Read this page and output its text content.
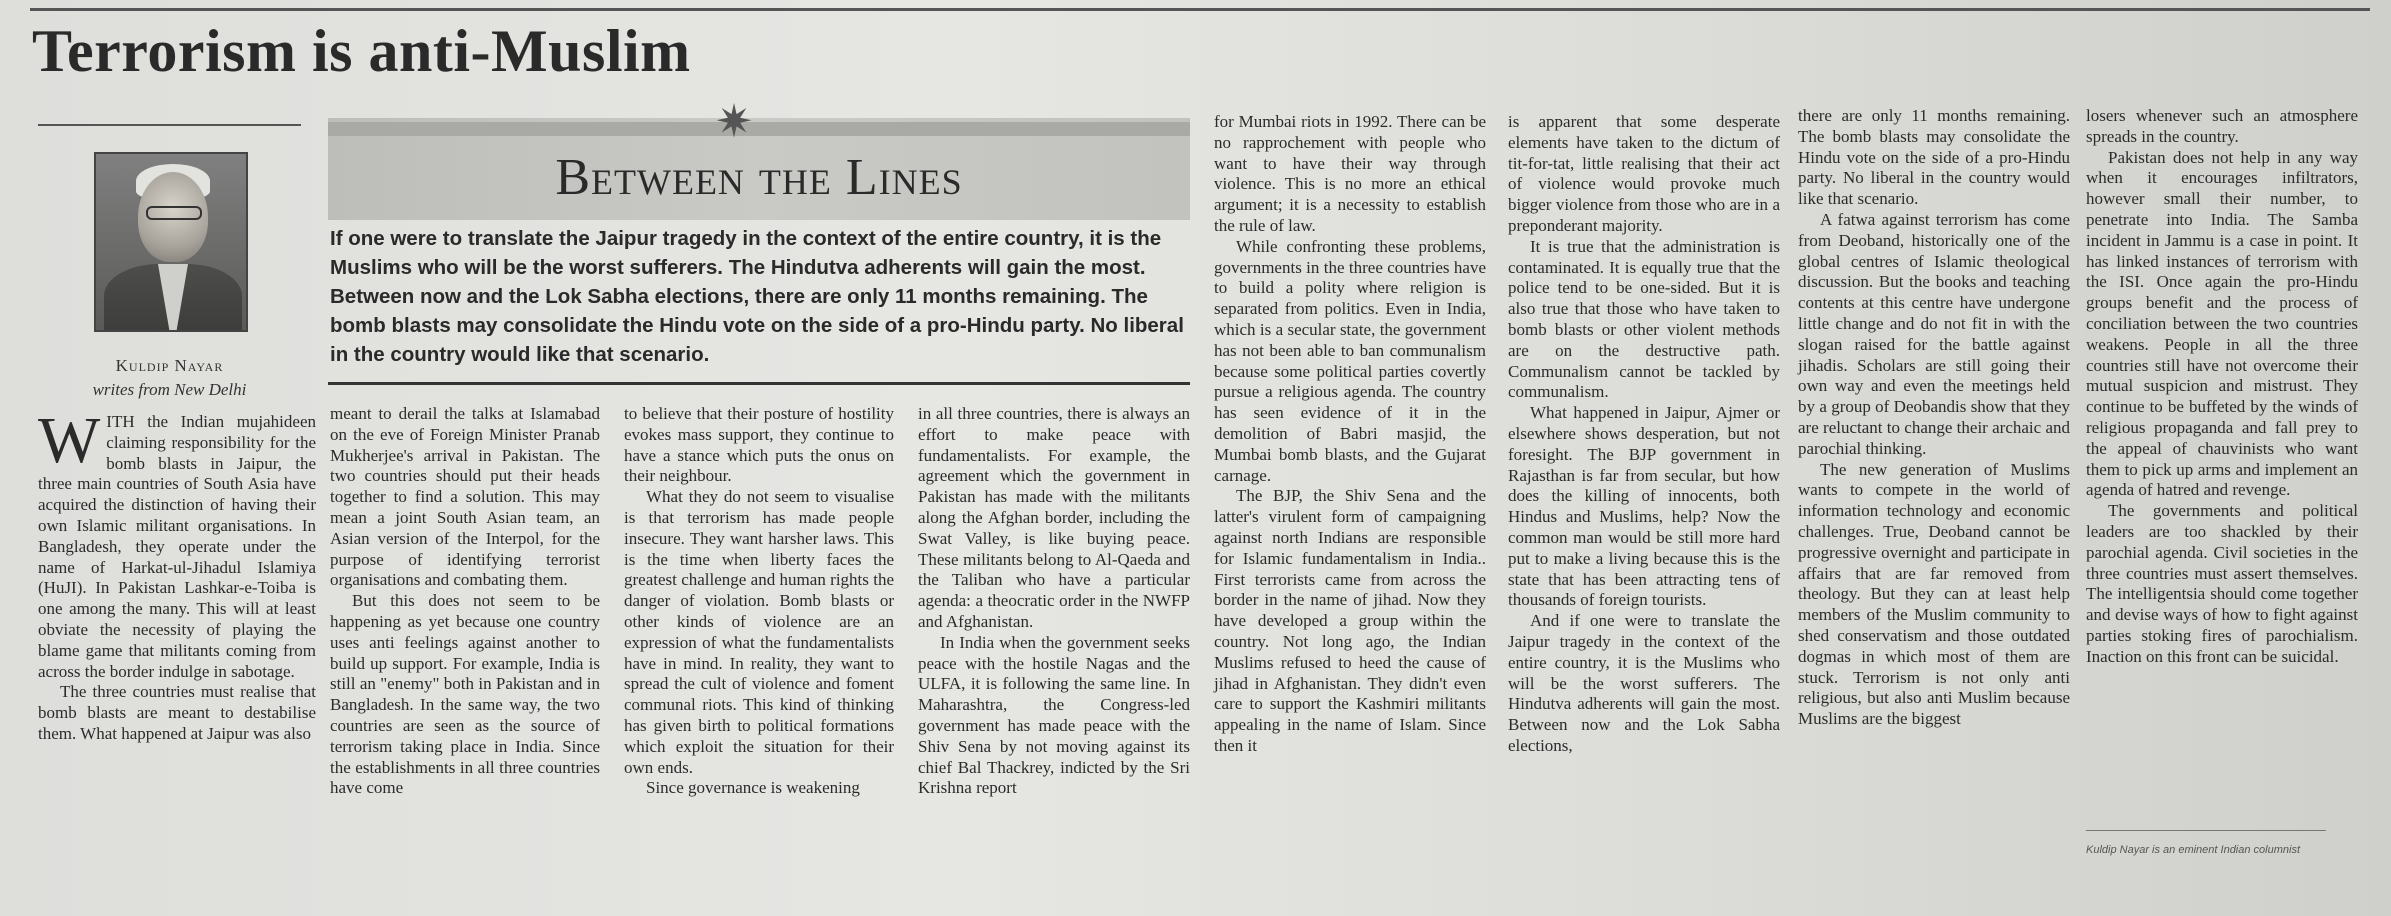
Terrorism is anti-Muslim
Kuldip Nayar
writes from New Delhi
Between the Lines
✷

If one were to translate the Jaipur tragedy in the context of the entire country, it is the Muslims who will be the worst sufferers. The Hindutva adherents will gain the most. Between now and the Lok Sabha elections, there are only 11 months remaining. The bomb blasts may consolidate the Hindu vote on the side of a pro-Hindu party. No liberal in the country would like that scenario.

WITH the Indian mujahideen claiming responsibility for the bomb blasts in Jaipur, the three main countries of South Asia have acquired the distinction of having their own Islamic militant organisations. In Bangladesh, they operate under the name of Harkat-ul-Jihadul Islamiya (HuJI). In Pakistan Lashkar-e-Toiba is one among the many. This will at least obviate the necessity of playing the blame game that militants coming from across the border indulge in sabotage.

The three countries must realise that bomb blasts are meant to destabilise them. What happened at Jaipur was also

meant to derail the talks at Islamabad on the eve of Foreign Minister Pranab Mukherjee's arrival in Pakistan. The two countries should put their heads together to find a solution. This may mean a joint South Asian team, an Asian version of the Interpol, for the purpose of identifying terrorist organisations and combating them.

But this does not seem to be happening as yet because one country uses anti feelings against another to build up support. For example, India is still an "enemy" both in Pakistan and in Bangladesh. In the same way, the two countries are seen as the source of terrorism taking place in India. Since the establishments in all three countries have come

to believe that their posture of hostility evokes mass support, they continue to have a stance which puts the onus on their neighbour.

What they do not seem to visualise is that terrorism has made people insecure. They want harsher laws. This is the time when liberty faces the greatest challenge and human rights the danger of violation. Bomb blasts or other kinds of violence are an expression of what the fundamentalists have in mind. In reality, they want to spread the cult of violence and foment communal riots. This kind of thinking has given birth to political formations which exploit the situation for their own ends.

Since governance is weakening

in all three countries, there is always an effort to make peace with fundamentalists. For example, the agreement which the government in Pakistan has made with the militants along the Afghan border, including the Swat Valley, is like buying peace. These militants belong to Al-Qaeda and the Taliban who have a particular agenda: a theocratic order in the NWFP and Afghanistan.

In India when the government seeks peace with the hostile Nagas and the ULFA, it is following the same line. In Maharashtra, the Congress-led government has made peace with the Shiv Sena by not moving against its chief Bal Thackrey, indicted by the Sri Krishna report

for Mumbai riots in 1992. There can be no rapprochement with people who want to have their way through violence. This is no more an ethical argument; it is a necessity to establish the rule of law.

While confronting these problems, governments in the three countries have to build a polity where religion is separated from politics. Even in India, which is a secular state, the government has not been able to ban communalism because some political parties covertly pursue a religious agenda. The country has seen evidence of it in the demolition of Babri masjid, the Mumbai bomb blasts, and the Gujarat carnage.

The BJP, the Shiv Sena and the latter's virulent form of campaigning against north Indians are responsible for Islamic fundamentalism in India.. First terrorists came from across the border in the name of jihad. Now they have developed a group within the country. Not long ago, the Indian Muslims refused to heed the cause of jihad in Afghanistan. They didn't even care to support the Kashmiri militants appealing in the name of Islam. Since then it

is apparent that some desperate elements have taken to the dictum of tit-for-tat, little realising that their act of violence would provoke much bigger violence from those who are in a preponderant majority.

It is true that the administration is contaminated. It is equally true that the police tend to be one-sided. But it is also true that those who have taken to bomb blasts or other violent methods are on the destructive path. Communalism cannot be tackled by communalism.

What happened in Jaipur, Ajmer or elsewhere shows desperation, but not foresight. The BJP government in Rajasthan is far from secular, but how does the killing of innocents, both Hindus and Muslims, help? Now the common man would be still more hard put to make a living because this is the state that has been attracting tens of thousands of foreign tourists.

And if one were to translate the Jaipur tragedy in the context of the entire country, it is the Muslims who will be the worst sufferers. The Hindutva adherents will gain the most. Between now and the Lok Sabha elections,

there are only 11 months remaining. The bomb blasts may consolidate the Hindu vote on the side of a pro-Hindu party. No liberal in the country would like that scenario.

A fatwa against terrorism has come from Deoband, historically one of the global centres of Islamic theological discussion. But the books and teaching contents at this centre have undergone little change and do not fit in with the slogan raised for the battle against jihadis. Scholars are still going their own way and even the meetings held by a group of Deobandis show that they are reluctant to change their archaic and parochial thinking.

The new generation of Muslims wants to compete in the world of information technology and economic challenges. True, Deoband cannot be progressive overnight and participate in affairs that are far removed from theology. But they can at least help members of the Muslim community to shed conservatism and those outdated dogmas in which most of them are stuck. Terrorism is not only anti religious, but also anti Muslim because Muslims are the biggest

losers whenever such an atmosphere spreads in the country.

Pakistan does not help in any way when it encourages infiltrators, however small their number, to penetrate into India. The Samba incident in Jammu is a case in point. It has linked instances of terrorism with the ISI. Once again the pro-Hindu groups benefit and the process of conciliation between the two countries weakens. People in all the three countries still have not overcome their mutual suspicion and mistrust. They continue to be buffeted by the winds of religious propaganda and fall prey to the appeal of chauvinists who want them to pick up arms and implement an agenda of hatred and revenge.

The governments and political leaders are too shackled by their parochial agenda. Civil societies in the three countries must assert themselves. The intelligentsia should come together and devise ways of how to fight against parties stoking fires of parochialism. Inaction on this front can be suicidal.

Kuldip Nayar is an eminent Indian columnist
